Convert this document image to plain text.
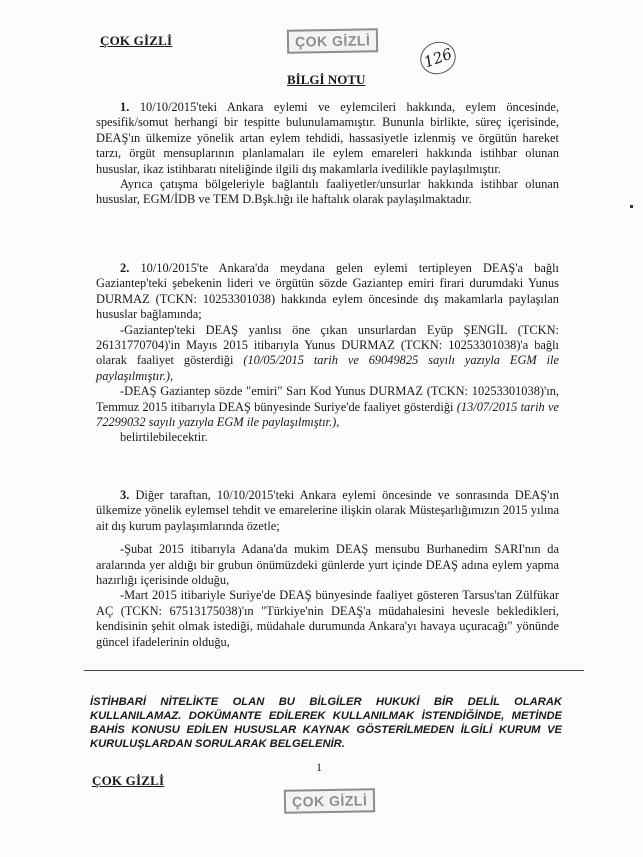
ÇOK GİZLİ	ÇOK GİZLİ
126
BİLGİ NOTU

1. 10/10/2015'teki Ankara eylemi ve eylemcileri hakkında, eylem öncesinde, spesifik/somut herhangi bir tespitte bulunulamamıştır. Bununla birlikte, süreç içerisinde, DEAŞ'ın ülkemize yönelik artan eylem tehdidi, hassasiyetle izlenmiş ve örgütün hareket tarzı, örgüt mensuplarının planlamaları ile eylem emareleri hakkında istihbar olunan hususlar, ikaz istihbaratı niteliğinde ilgili dış makamlarla ivedilikle paylaşılmıştır.

Ayrıca çatışma bölgeleriyle bağlantılı faaliyetler/unsurlar hakkında istihbar olunan hususlar, EGM/İDB ve TEM D.Bşk.lığı ile haftalık olarak paylaşılmaktadır.

2. 10/10/2015'te Ankara'da meydana gelen eylemi tertipleyen DEAŞ'a bağlı Gaziantep'teki şebekenin lideri ve örgütün sözde Gaziantep emiri firari durumdaki Yunus DURMAZ (TCKN: 10253301038) hakkında eylem öncesinde dış makamlarla paylaşılan hususlar bağlamında;

-Gaziantep'teki DEAŞ yanlısı öne çıkan unsurlardan Eyüp ŞENGİL (TCKN: 26131770704)'in Mayıs 2015 itibarıyla Yunus DURMAZ (TCKN: 10253301038)'a bağlı olarak faaliyet gösterdiği (10/05/2015 tarih ve 69049825 sayılı yazıyla EGM ile paylaşılmıştır.),

-DEAŞ Gaziantep sözde "emiri" Sarı Kod Yunus DURMAZ (TCKN: 10253301038)'ın, Temmuz 2015 itibarıyla DEAŞ bünyesinde Suriye'de faaliyet gösterdiği (13/07/2015 tarih ve 72299032 sayılı yazıyla EGM ile paylaşılmıştır.),

belirtilebilecektir.

3. Diğer taraftan, 10/10/2015'teki Ankara eylemi öncesinde ve sonrasında DEAŞ'ın ülkemize yönelik eylemsel tehdit ve emarelerine ilişkin olarak Müsteşarlığımızın 2015 yılına ait dış kurum paylaşımlarında özetle;

-Şubat 2015 itibarıyla Adana'da mukim DEAŞ mensubu Burhanedim SARI'nın da aralarında yer aldığı bir grubun önümüzdeki günlerde yurt içinde DEAŞ adına eylem yapma hazırlığı içerisinde olduğu,

-Mart 2015 itibariyle Suriye'de DEAŞ bünyesinde faaliyet gösteren Tarsus'tan Zülfükar AÇ (TCKN: 67513175038)'ın "Türkiye'nin DEAŞ'a müdahalesini hevesle bekledikleri, kendisinin şehit olmak istediği, müdahale durumunda Ankara'yı havaya uçuracağı" yönünde güncel ifadelerinin olduğu,

İSTİHBARİ NİTELİKTE OLAN BU BİLGİLER HUKUKİ BİR DELİL OLARAK KULLANILAMAZ. DOKÜMANTE EDİLEREK KULLANILMAK İSTENDİĞİNDE, METİNDE BAHİS KONUSU EDİLEN HUSUSLAR KAYNAK GÖSTERİLMEDEN İLGİLİ KURUM VE KURULUŞLARDAN SORULARAK BELGELENİR.
1
ÇOK GİZLİ
ÇOK GİZLİ
